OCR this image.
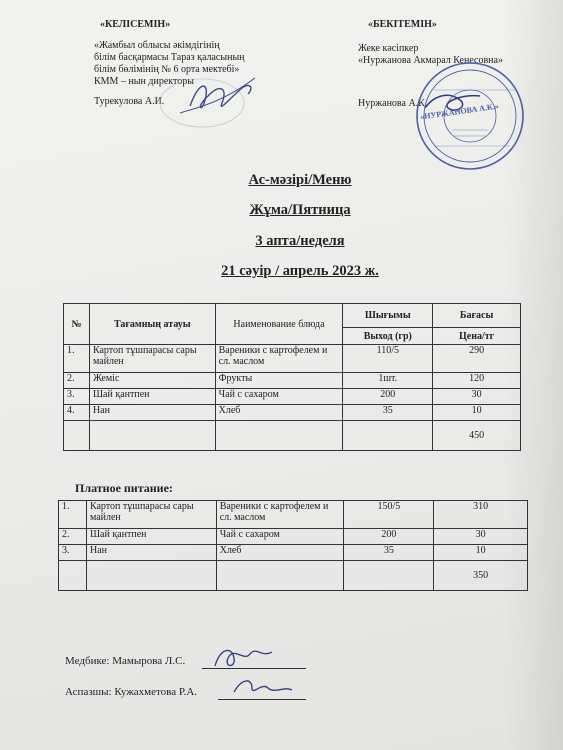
«КЕЛІСЕМІН»
«Жамбыл облысы әкімдігінің
білім басқармасы Тараз қаласының
білім бөлімінің № 6 орта мектебі»
КММ – нын директоры
Турекулова А.И.
«БЕКІТЕМІН»
Жеке кәсіпкер
«Нуржанова Акмарал Кенесовна»
Нуржанова А.К.
«НУРЖАНОВА А.К.»
Ас-мәзірі/Меню
Жұма/Пятница
3 апта/неделя
21 сәуір / апрель 2023 ж.
№	Тағамның атауы	Наименование блюда	Шығымы	Бағасы
			Выход (гр)	Цена/тг
1.	Картоп тұшпарасы сары майлен	Вареники с картофелем и сл. маслом	110/5	290
2.	Жеміс	Фрукты	1шт.	120
3.	Шай қантпен	Чай с сахаром	200	30
4.	Нан	Хлеб	35	10
				450
Платное питание:
1.	Картоп тұшпарасы сары майлен	Вареники с картофелем и сл. маслом	150/5	310
2.	Шай қантпен	Чай с сахаром	200	30
3.	Нан	Хлеб	35	10
				350
Медбике: Мамырова Л.С.
Аспазшы: Кужахметова Р.А.
